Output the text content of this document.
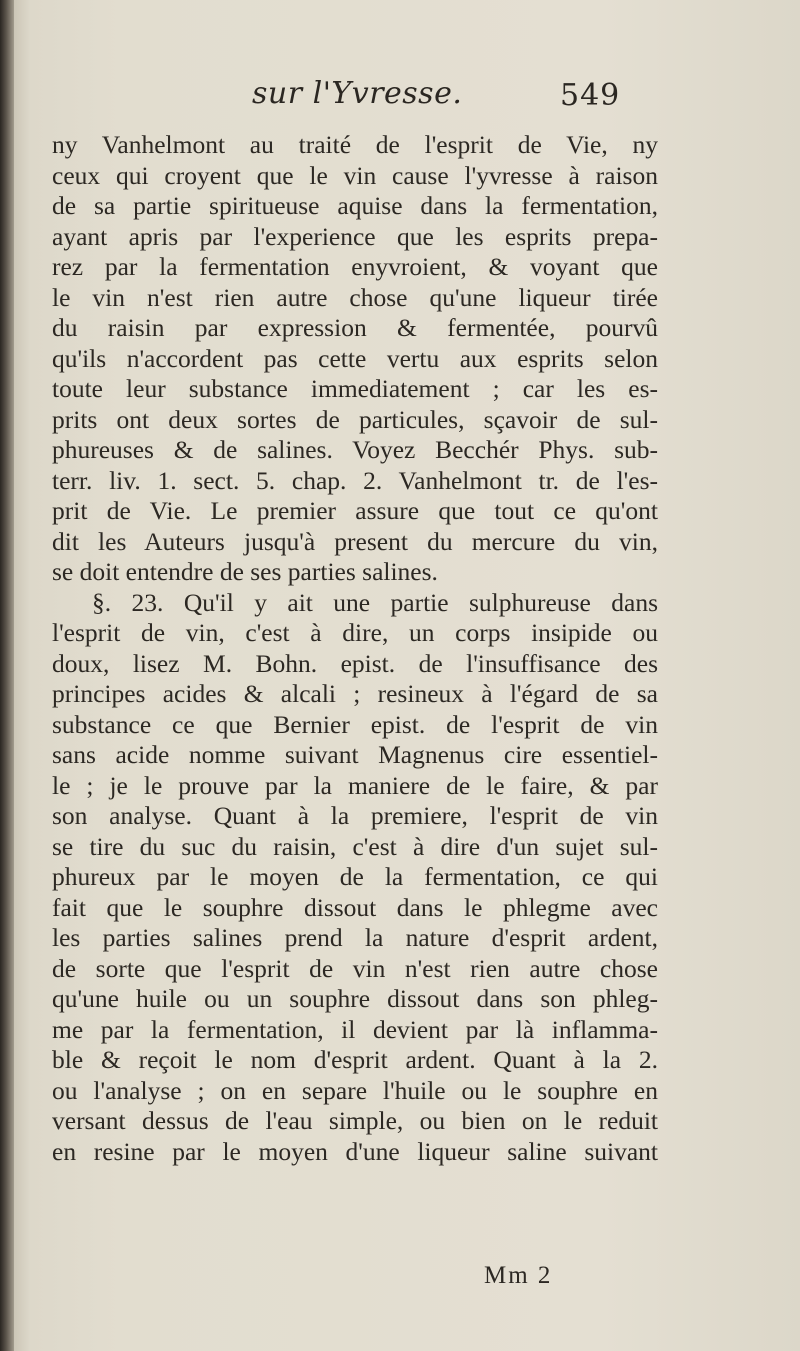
sur l'Yvresse.	549
ny Vanhelmont au traité de l'esprit de Vie, ny
ceux qui croyent que le vin cause l'yvresse à raison
de sa partie spiritueuse aquise dans la fermentation,
ayant apris par l'experience que les esprits prepa-
rez par la fermentation enyvroient, & voyant que
le vin n'est rien autre chose qu'une liqueur tirée
du raisin par expression & fermentée, pourvû
qu'ils n'accordent pas cette vertu aux esprits selon
toute leur substance immediatement ; car les es-
prits ont deux sortes de particules, sçavoir de sul-
phureuses & de salines. Voyez Becchér Phys. sub-
terr. liv. 1. sect. 5. chap. 2. Vanhelmont tr. de l'es-
prit de Vie. Le premier assure que tout ce qu'ont
dit les Auteurs jusqu'à present du mercure du vin,
se doit entendre de ses parties salines.
§. 23. Qu'il y ait une partie sulphureuse dans
l'esprit de vin, c'est à dire, un corps insipide ou
doux, lisez M. Bohn. epist. de l'insuffisance des
principes acides & alcali ; resineux à l'égard de sa
substance ce que Bernier epist. de l'esprit de vin
sans acide nomme suivant Magnenus cire essentiel-
le ; je le prouve par la maniere de le faire, & par
son analyse. Quant à la premiere, l'esprit de vin
se tire du suc du raisin, c'est à dire d'un sujet sul-
phureux par le moyen de la fermentation, ce qui
fait que le souphre dissout dans le phlegme avec
les parties salines prend la nature d'esprit ardent,
de sorte que l'esprit de vin n'est rien autre chose
qu'une huile ou un souphre dissout dans son phleg-
me par la fermentation, il devient par là inflamma-
ble & reçoit le nom d'esprit ardent. Quant à la 2.
ou l'analyse ; on en separe l'huile ou le souphre en
versant dessus de l'eau simple, ou bien on le reduit
en resine par le moyen d'une liqueur saline suivant
Mm 2
